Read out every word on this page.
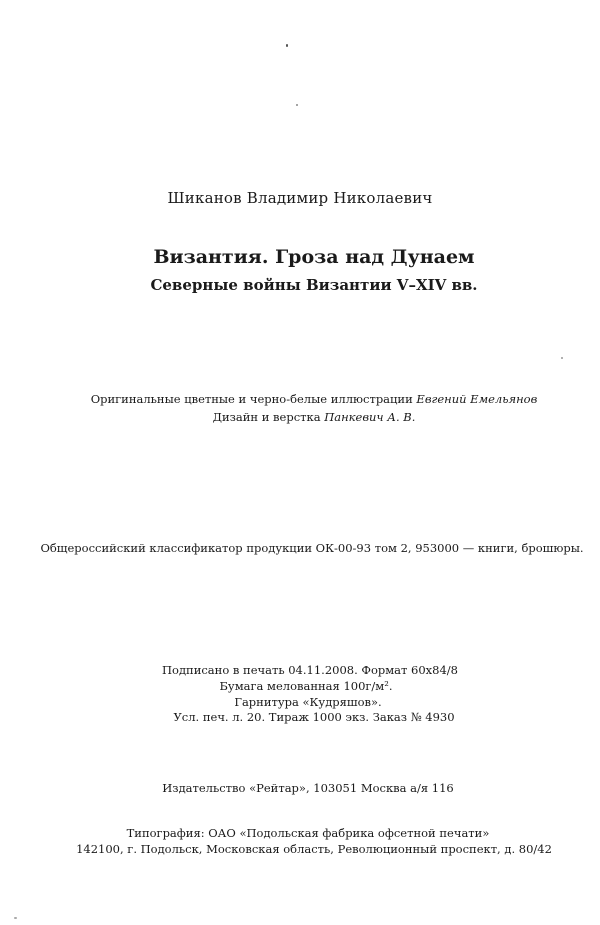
Шиканов Владимир Николаевич
Византия. Гроза над Дунаем
Северные войны Византии V–XIV вв.
Оригинальные цветные и черно-белые иллюстрации Евгений Емельянов
Дизайн и верстка Панкевич А. В.
Общероссийский классификатор продукции ОК-00-93 том 2, 953000 — книги, брошюры.
Подписано в печать 04.11.2008. Формат 60x84/8
Бумага мелованная 100г/м².
Гарнитура «Кудряшов».
Усл. печ. л. 20. Тираж 1000 экз. Заказ № 4930
Издательство «Рейтар», 103051 Москва а/я 116
Типография: ОАО «Подольская фабрика офсетной печати»
142100, г. Подольск, Московская область, Революционный проспект, д. 80/42
